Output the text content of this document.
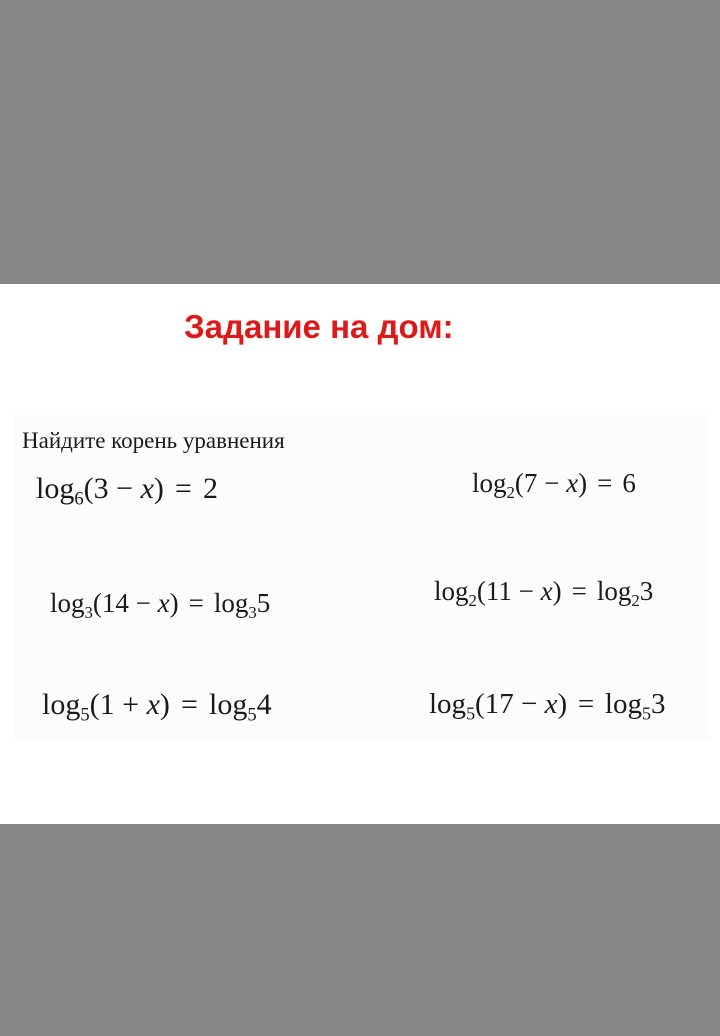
Задание на дом:
Найдите корень уравнения
$\log_6(3 - x) = 2$	$\log_2(7 - x) = 6$
$\log_3(14 - x) = \log_35$	$\log_2(11 - x) = \log_23$
$\log_5(1 + x) = \log_54$	$\log_5(17 - x) = \log_53$
